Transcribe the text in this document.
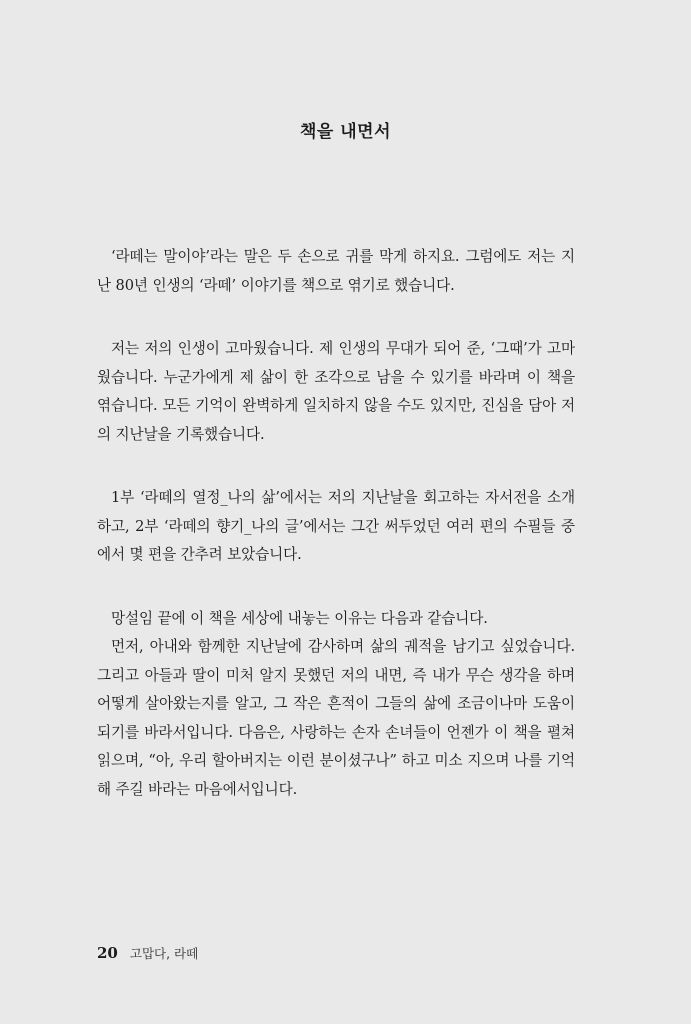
책을 내면서

‘라떼는 말이야’라는 말은 두 손으로 귀를 막게 하지요. 그럼에도 저는 지난 80년 인생의 ‘라떼’ 이야기를 책으로 엮기로 했습니다.

저는 저의 인생이 고마웠습니다. 제 인생의 무대가 되어 준, ‘그때’가 고마웠습니다. 누군가에게 제 삶이 한 조각으로 남을 수 있기를 바라며 이 책을 엮습니다. 모든 기억이 완벽하게 일치하지 않을 수도 있지만, 진심을 담아 저의 지난날을 기록했습니다.

1부 ‘라떼의 열정_나의 삶’에서는 저의 지난날을 회고하는 자서전을 소개하고, 2부 ‘라떼의 향기_나의 글’에서는 그간 써두었던 여러 편의 수필들 중에서 몇 편을 간추려 보았습니다.

망설임 끝에 이 책을 세상에 내놓는 이유는 다음과 같습니다.

먼저, 아내와 함께한 지난날에 감사하며 삶의 궤적을 남기고 싶었습니다. 그리고 아들과 딸이 미처 알지 못했던 저의 내면, 즉 내가 무슨 생각을 하며 어떻게 살아왔는지를 알고, 그 작은 흔적이 그들의 삶에 조금이나마 도움이 되기를 바라서입니다. 다음은, 사랑하는 손자 손녀들이 언젠가 이 책을 펼쳐 읽으며, “아, 우리 할아버지는 이런 분이셨구나” 하고 미소 지으며 나를 기억해 주길 바라는 마음에서입니다.

20 고맙다, 라떼
